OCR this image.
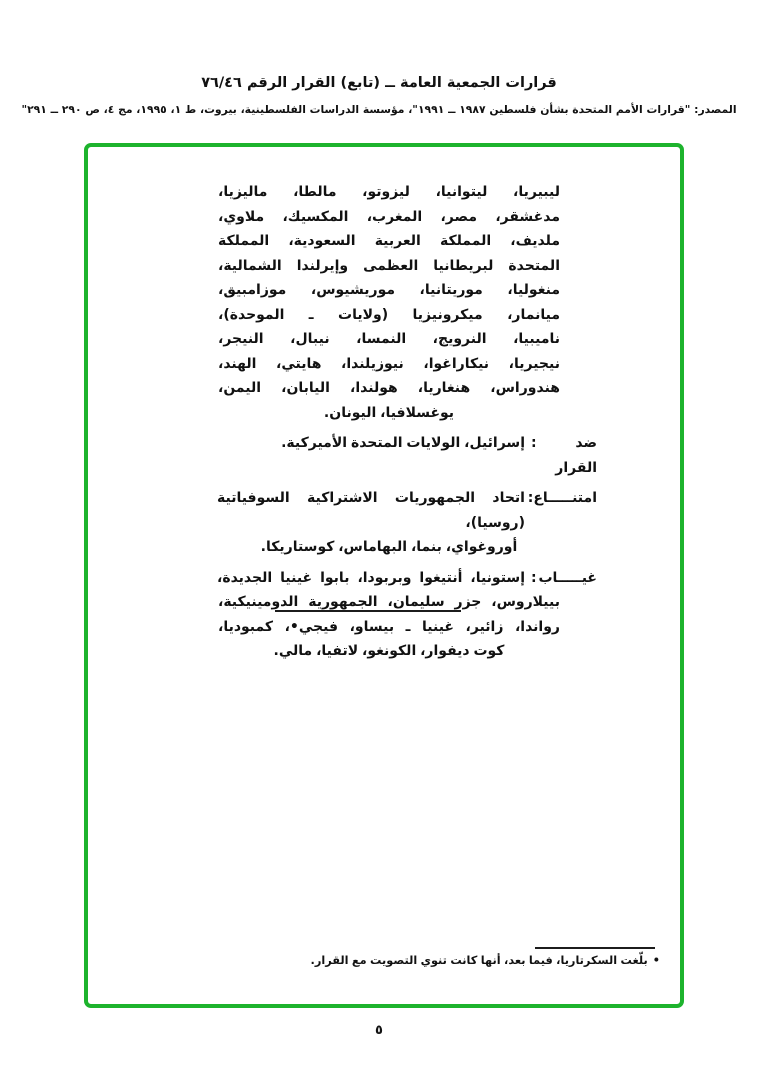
قرارات الجمعية العامة ــ (تابع) القرار الرقم ٧٦/٤٦
المصدر: "قرارات الأمم المتحدة بشأن فلسطين ١٩٨٧ ــ ١٩٩١"، مؤسسة الدراسات الفلسطينية، بيروت، ط ١، ١٩٩٥، مج ٤، ص ٢٩٠ ــ ٢٩١"
ليبيريا، ليتوانيا، ليزوتو، مالطا، ماليزيا،
مدغشقر، مصر، المغرب، المكسيك، ملاوي،
ملديف، المملكة العربية السعودية، المملكة
المتحدة لبريطانيا العظمى وإيرلندا الشمالية،
منغوليا، موريتانيا، موريشيوس، موزامبيق،
ميانمار، ميكرونيزيا (ولايات ـ الموحدة)،
ناميبيا، النرويج، النمسا، نيبال، النيجر،
نيجيريا، نيكاراغوا، نيوزيلندا، هايتي، الهند،
هندوراس، هنغاريا، هولندا، اليابان، اليمن،
يوغسلافيا، اليونان.
ضد القرار
:
إسرائيل، الولايات المتحدة الأميركية.
امتنـــــاع
:
اتحاد الجمهوريات الاشتراكية السوفياتية (روسيا)،
أوروغواي، بنما، البهاماس، كوستاريكا.
غيـــــاب
:
إستونيا، أنتيغوا وبربودا، بابوا غينيا الجديدة،
بييلاروس، جزر سليمان، الجمهورية الدومينيكية،
رواندا، زائير، غينيا ـ بيساو، فيجي•، كمبوديا،
كوت ديفوار، الكونغو، لاتفيا، مالي.
•بلّغت السكرتاريا، فيما بعد، أنها كانت تنوي التصويت مع القرار.
٥
